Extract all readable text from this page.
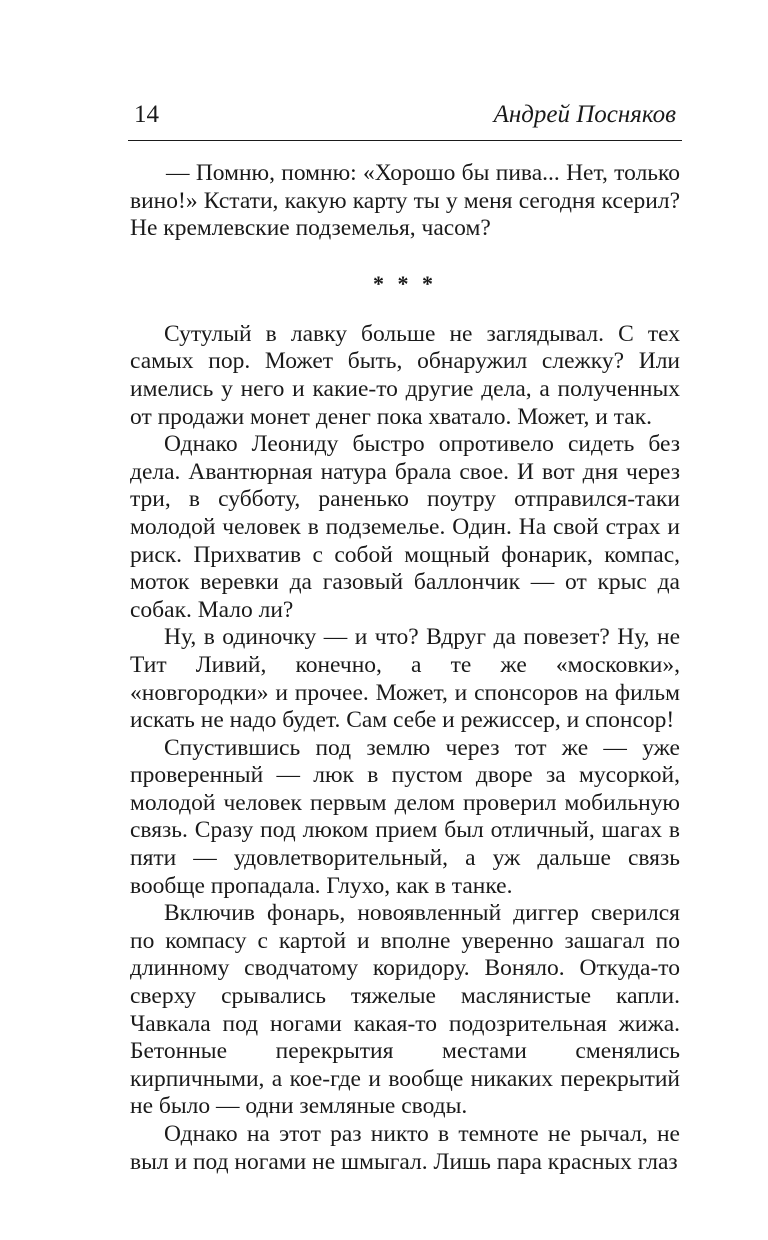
14	Андрей Посняков

— Помню, помню: «Хорошо бы пива... Нет, только вино!» Кстати, какую карту ты у меня сегодня ксерил? Не кремлевские подземелья, часом?

* * *

Сутулый в лавку больше не заглядывал. С тех самых пор. Может быть, обнаружил слежку? Или имелись у него и какие-то другие дела, а полученных от продажи монет денег пока хватало. Может, и так.

Однако Леониду быстро опротивело сидеть без дела. Авантюрная натура брала свое. И вот дня через три, в субботу, раненько поутру отправился-таки молодой человек в подземелье. Один. На свой страх и риск. Прихватив с собой мощный фонарик, компас, моток веревки да газовый баллончик — от крыс да собак. Мало ли?

Ну, в одиночку — и что? Вдруг да повезет? Ну, не Тит Ливий, конечно, а те же «московки», «новгородки» и прочее. Может, и спонсоров на фильм искать не надо будет. Сам себе и режиссер, и спонсор!

Спустившись под землю через тот же — уже проверенный — люк в пустом дворе за мусоркой, молодой человек первым делом проверил мобильную связь. Сразу под люком прием был отличный, шагах в пяти — удовлетворительный, а уж дальше связь вообще пропадала. Глухо, как в танке.

Включив фонарь, новоявленный диггер сверился по компасу с картой и вполне уверенно зашагал по длинному сводчатому коридору. Воняло. Откуда-то сверху срывались тяжелые маслянистые капли. Чавкала под ногами какая-то подозрительная жижа. Бетонные перекрытия местами сменялись кирпичными, а кое-где и вообще никаких перекрытий не было — одни земляные своды.

Однако на этот раз никто в темноте не рычал, не выл и под ногами не шмыгал. Лишь пара красных глаз
